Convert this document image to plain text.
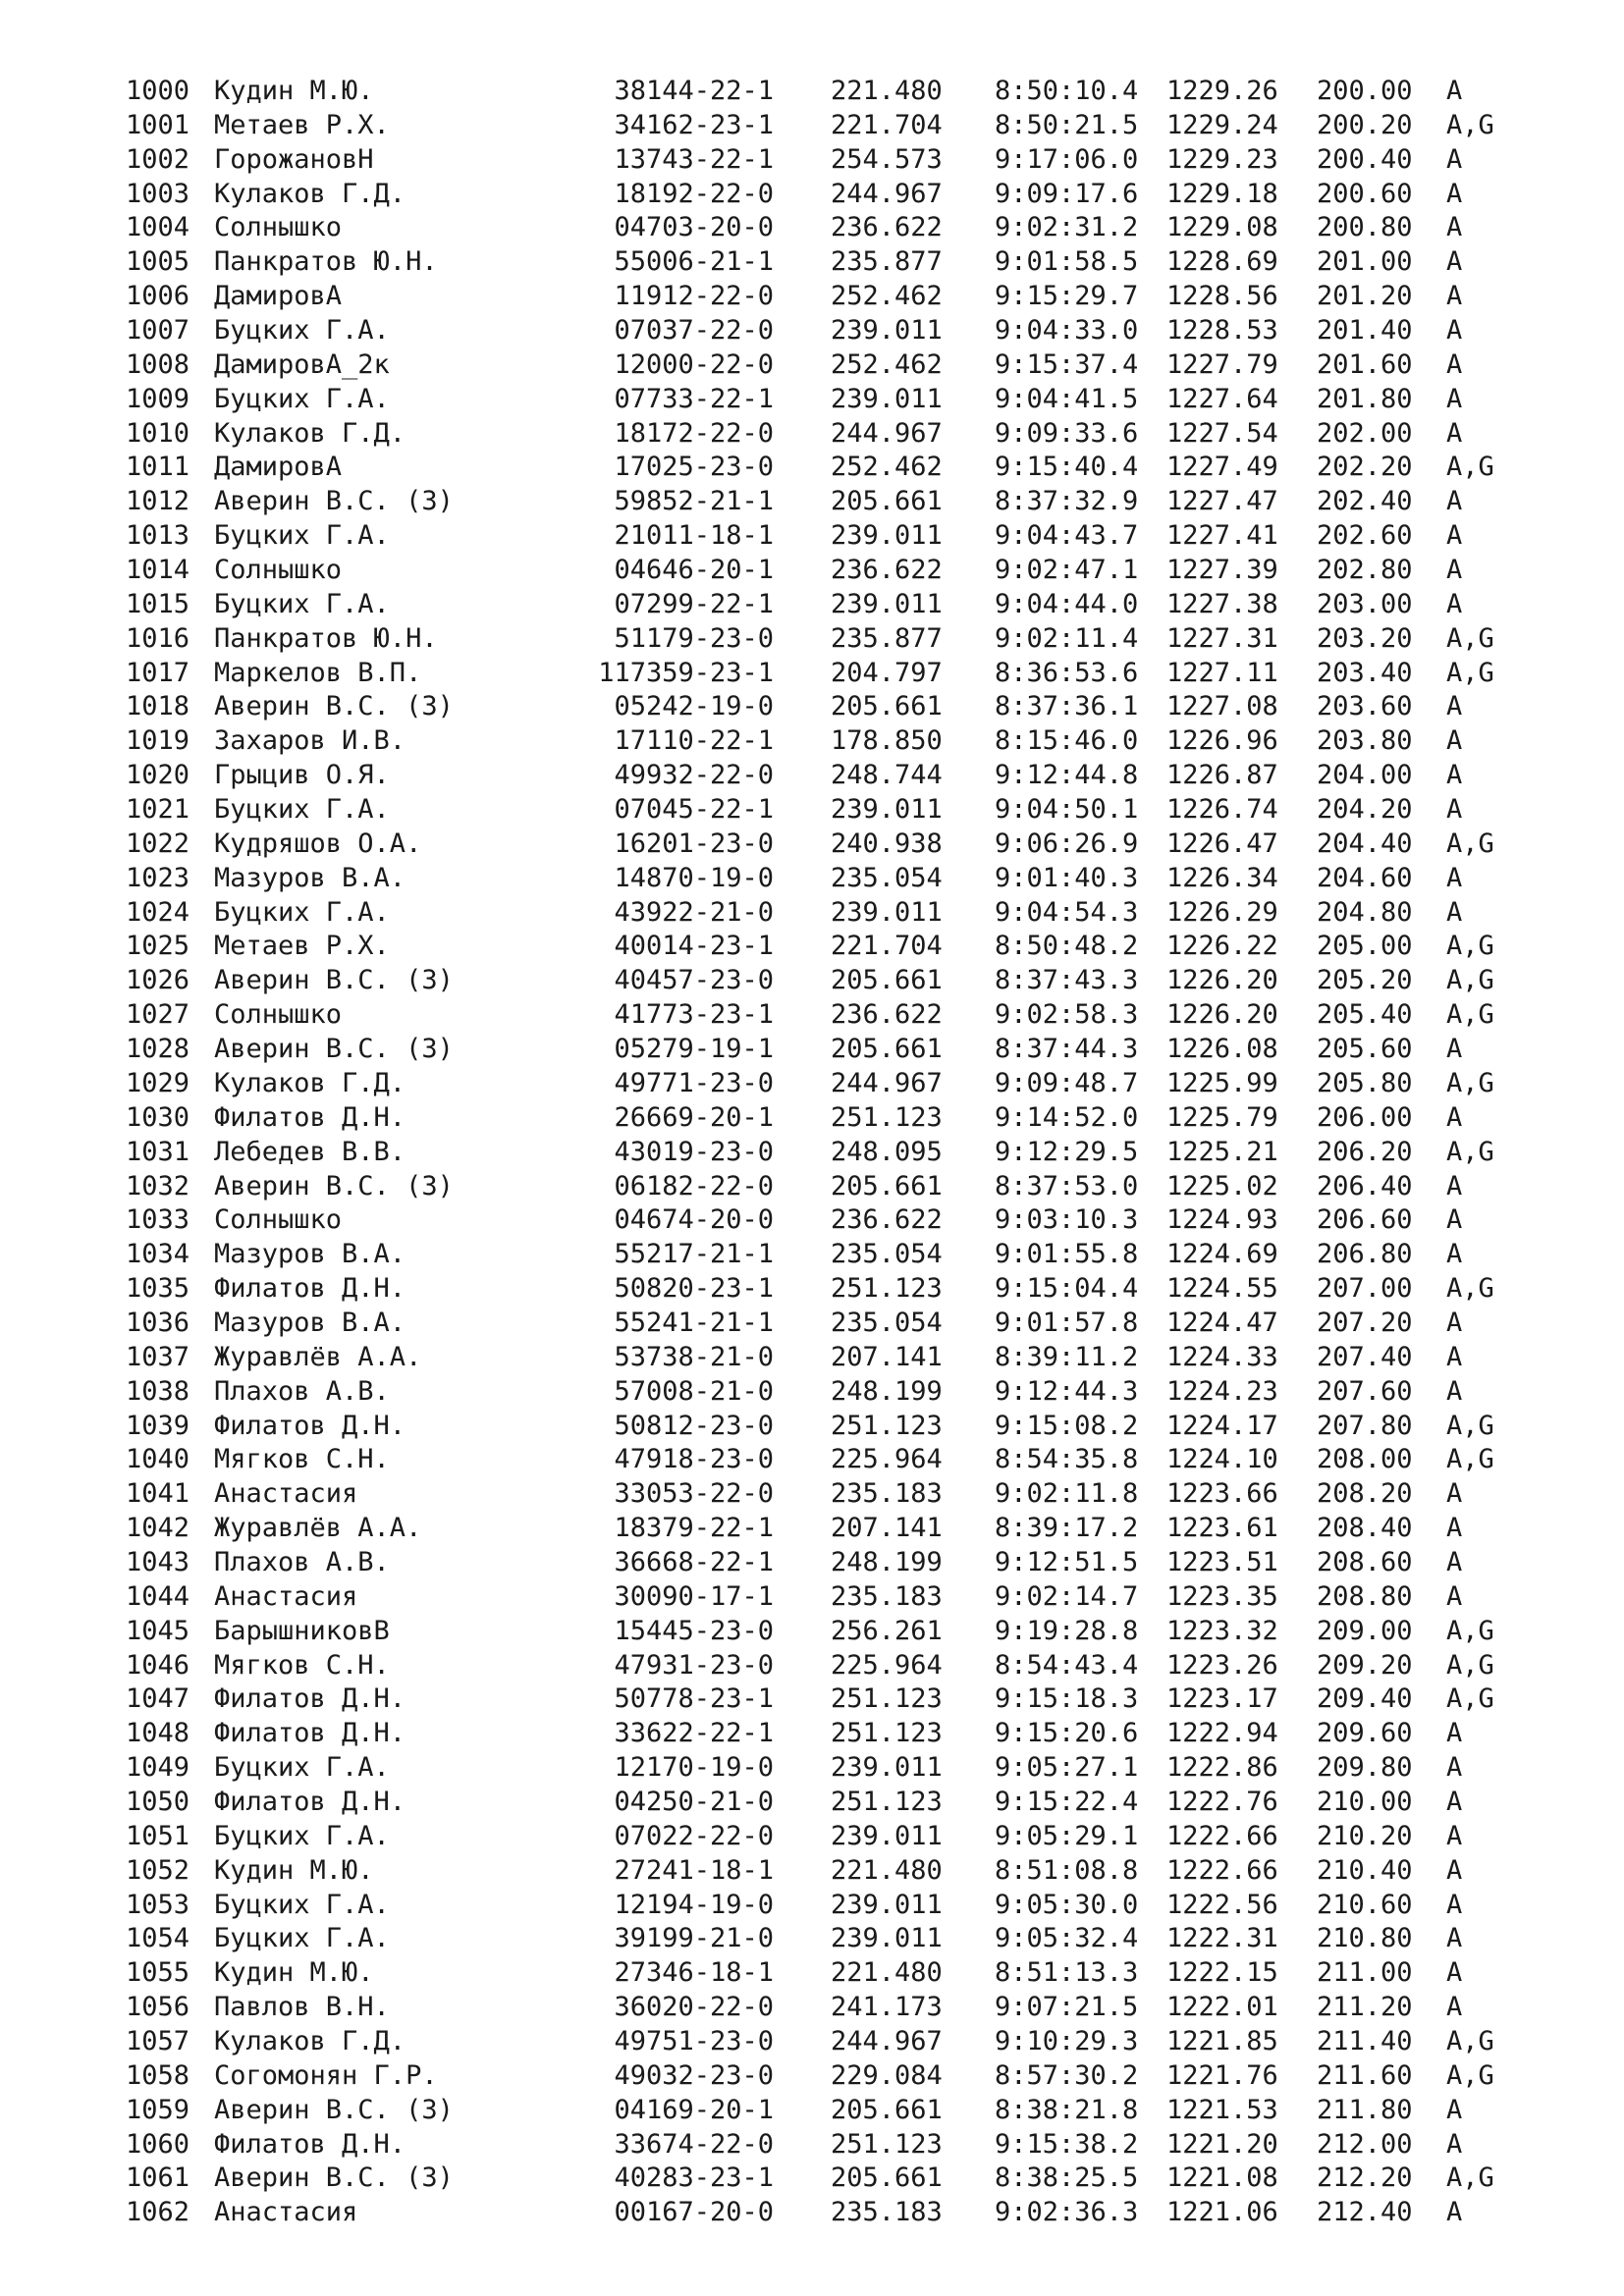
1000 Кудин М.Ю.	38144-22-1 221.480 8:50:10.4 1229.26 200.00 A
1001 Метаев Р.Х.	34162-23-1 221.704 8:50:21.5 1229.24 200.20 A,G
1002 ГорожановН	13743-22-1 254.573 9:17:06.0 1229.23 200.40 A
1003 Кулаков Г.Д.	18192-22-0 244.967 9:09:17.6 1229.18 200.60 A
1004 Солнышко	04703-20-0 236.622 9:02:31.2 1229.08 200.80 A
1005 Панкратов Ю.Н.	55006-21-1 235.877 9:01:58.5 1228.69 201.00 A
1006 ДамировА	11912-22-0 252.462 9:15:29.7 1228.56 201.20 A
1007 Буцких Г.А.	07037-22-0 239.011 9:04:33.0 1228.53 201.40 A
1008 ДамировА_2к	12000-22-0 252.462 9:15:37.4 1227.79 201.60 A
1009 Буцких Г.А.	07733-22-1 239.011 9:04:41.5 1227.64 201.80 A
1010 Кулаков Г.Д.	18172-22-0 244.967 9:09:33.6 1227.54 202.00 A
1011 ДамировА	17025-23-0 252.462 9:15:40.4 1227.49 202.20 A,G
1012 Аверин В.С. (З)	59852-21-1 205.661 8:37:32.9 1227.47 202.40 A
1013 Буцких Г.А.	21011-18-1 239.011 9:04:43.7 1227.41 202.60 A
1014 Солнышко	04646-20-1 236.622 9:02:47.1 1227.39 202.80 A
1015 Буцких Г.А.	07299-22-1 239.011 9:04:44.0 1227.38 203.00 A
1016 Панкратов Ю.Н.	51179-23-0 235.877 9:02:11.4 1227.31 203.20 A,G
1017 Маркелов В.П.	117359-23-1 204.797 8:36:53.6 1227.11 203.40 A,G
1018 Аверин В.С. (З)	05242-19-0 205.661 8:37:36.1 1227.08 203.60 A
1019 Захаров И.В.	17110-22-1 178.850 8:15:46.0 1226.96 203.80 A
1020 Грыцив О.Я.	49932-22-0 248.744 9:12:44.8 1226.87 204.00 A
1021 Буцких Г.А.	07045-22-1 239.011 9:04:50.1 1226.74 204.20 A
1022 Кудряшов О.А.	16201-23-0 240.938 9:06:26.9 1226.47 204.40 A,G
1023 Мазуров В.А.	14870-19-0 235.054 9:01:40.3 1226.34 204.60 A
1024 Буцких Г.А.	43922-21-0 239.011 9:04:54.3 1226.29 204.80 A
1025 Метаев Р.Х.	40014-23-1 221.704 8:50:48.2 1226.22 205.00 A,G
1026 Аверин В.С. (З)	40457-23-0 205.661 8:37:43.3 1226.20 205.20 A,G
1027 Солнышко	41773-23-1 236.622 9:02:58.3 1226.20 205.40 A,G
1028 Аверин В.С. (З)	05279-19-1 205.661 8:37:44.3 1226.08 205.60 A
1029 Кулаков Г.Д.	49771-23-0 244.967 9:09:48.7 1225.99 205.80 A,G
1030 Филатов Д.Н.	26669-20-1 251.123 9:14:52.0 1225.79 206.00 A
1031 Лебедев В.В.	43019-23-0 248.095 9:12:29.5 1225.21 206.20 A,G
1032 Аверин В.С. (З)	06182-22-0 205.661 8:37:53.0 1225.02 206.40 A
1033 Солнышко	04674-20-0 236.622 9:03:10.3 1224.93 206.60 A
1034 Мазуров В.А.	55217-21-1 235.054 9:01:55.8 1224.69 206.80 A
1035 Филатов Д.Н.	50820-23-1 251.123 9:15:04.4 1224.55 207.00 A,G
1036 Мазуров В.А.	55241-21-1 235.054 9:01:57.8 1224.47 207.20 A
1037 Журавлёв А.А.	53738-21-0 207.141 8:39:11.2 1224.33 207.40 A
1038 Плахов А.В.	57008-21-0 248.199 9:12:44.3 1224.23 207.60 A
1039 Филатов Д.Н.	50812-23-0 251.123 9:15:08.2 1224.17 207.80 A,G
1040 Мягков С.Н.	47918-23-0 225.964 8:54:35.8 1224.10 208.00 A,G
1041 Анастасия	33053-22-0 235.183 9:02:11.8 1223.66 208.20 A
1042 Журавлёв А.А.	18379-22-1 207.141 8:39:17.2 1223.61 208.40 A
1043 Плахов А.В.	36668-22-1 248.199 9:12:51.5 1223.51 208.60 A
1044 Анастасия	30090-17-1 235.183 9:02:14.7 1223.35 208.80 A
1045 БарышниковВ	15445-23-0 256.261 9:19:28.8 1223.32 209.00 A,G
1046 Мягков С.Н.	47931-23-0 225.964 8:54:43.4 1223.26 209.20 A,G
1047 Филатов Д.Н.	50778-23-1 251.123 9:15:18.3 1223.17 209.40 A,G
1048 Филатов Д.Н.	33622-22-1 251.123 9:15:20.6 1222.94 209.60 A
1049 Буцких Г.А.	12170-19-0 239.011 9:05:27.1 1222.86 209.80 A
1050 Филатов Д.Н.	04250-21-0 251.123 9:15:22.4 1222.76 210.00 A
1051 Буцких Г.А.	07022-22-0 239.011 9:05:29.1 1222.66 210.20 A
1052 Кудин М.Ю.	27241-18-1 221.480 8:51:08.8 1222.66 210.40 A
1053 Буцких Г.А.	12194-19-0 239.011 9:05:30.0 1222.56 210.60 A
1054 Буцких Г.А.	39199-21-0 239.011 9:05:32.4 1222.31 210.80 A
1055 Кудин М.Ю.	27346-18-1 221.480 8:51:13.3 1222.15 211.00 A
1056 Павлов В.Н.	36020-22-0 241.173 9:07:21.5 1222.01 211.20 A
1057 Кулаков Г.Д.	49751-23-0 244.967 9:10:29.3 1221.85 211.40 A,G
1058 Согомонян Г.Р.	49032-23-0 229.084 8:57:30.2 1221.76 211.60 A,G
1059 Аверин В.С. (З)	04169-20-1 205.661 8:38:21.8 1221.53 211.80 A
1060 Филатов Д.Н.	33674-22-0 251.123 9:15:38.2 1221.20 212.00 A
1061 Аверин В.С. (З)	40283-23-1 205.661 8:38:25.5 1221.08 212.20 A,G
1062 Анастасия	00167-20-0 235.183 9:02:36.3 1221.06 212.40 A
